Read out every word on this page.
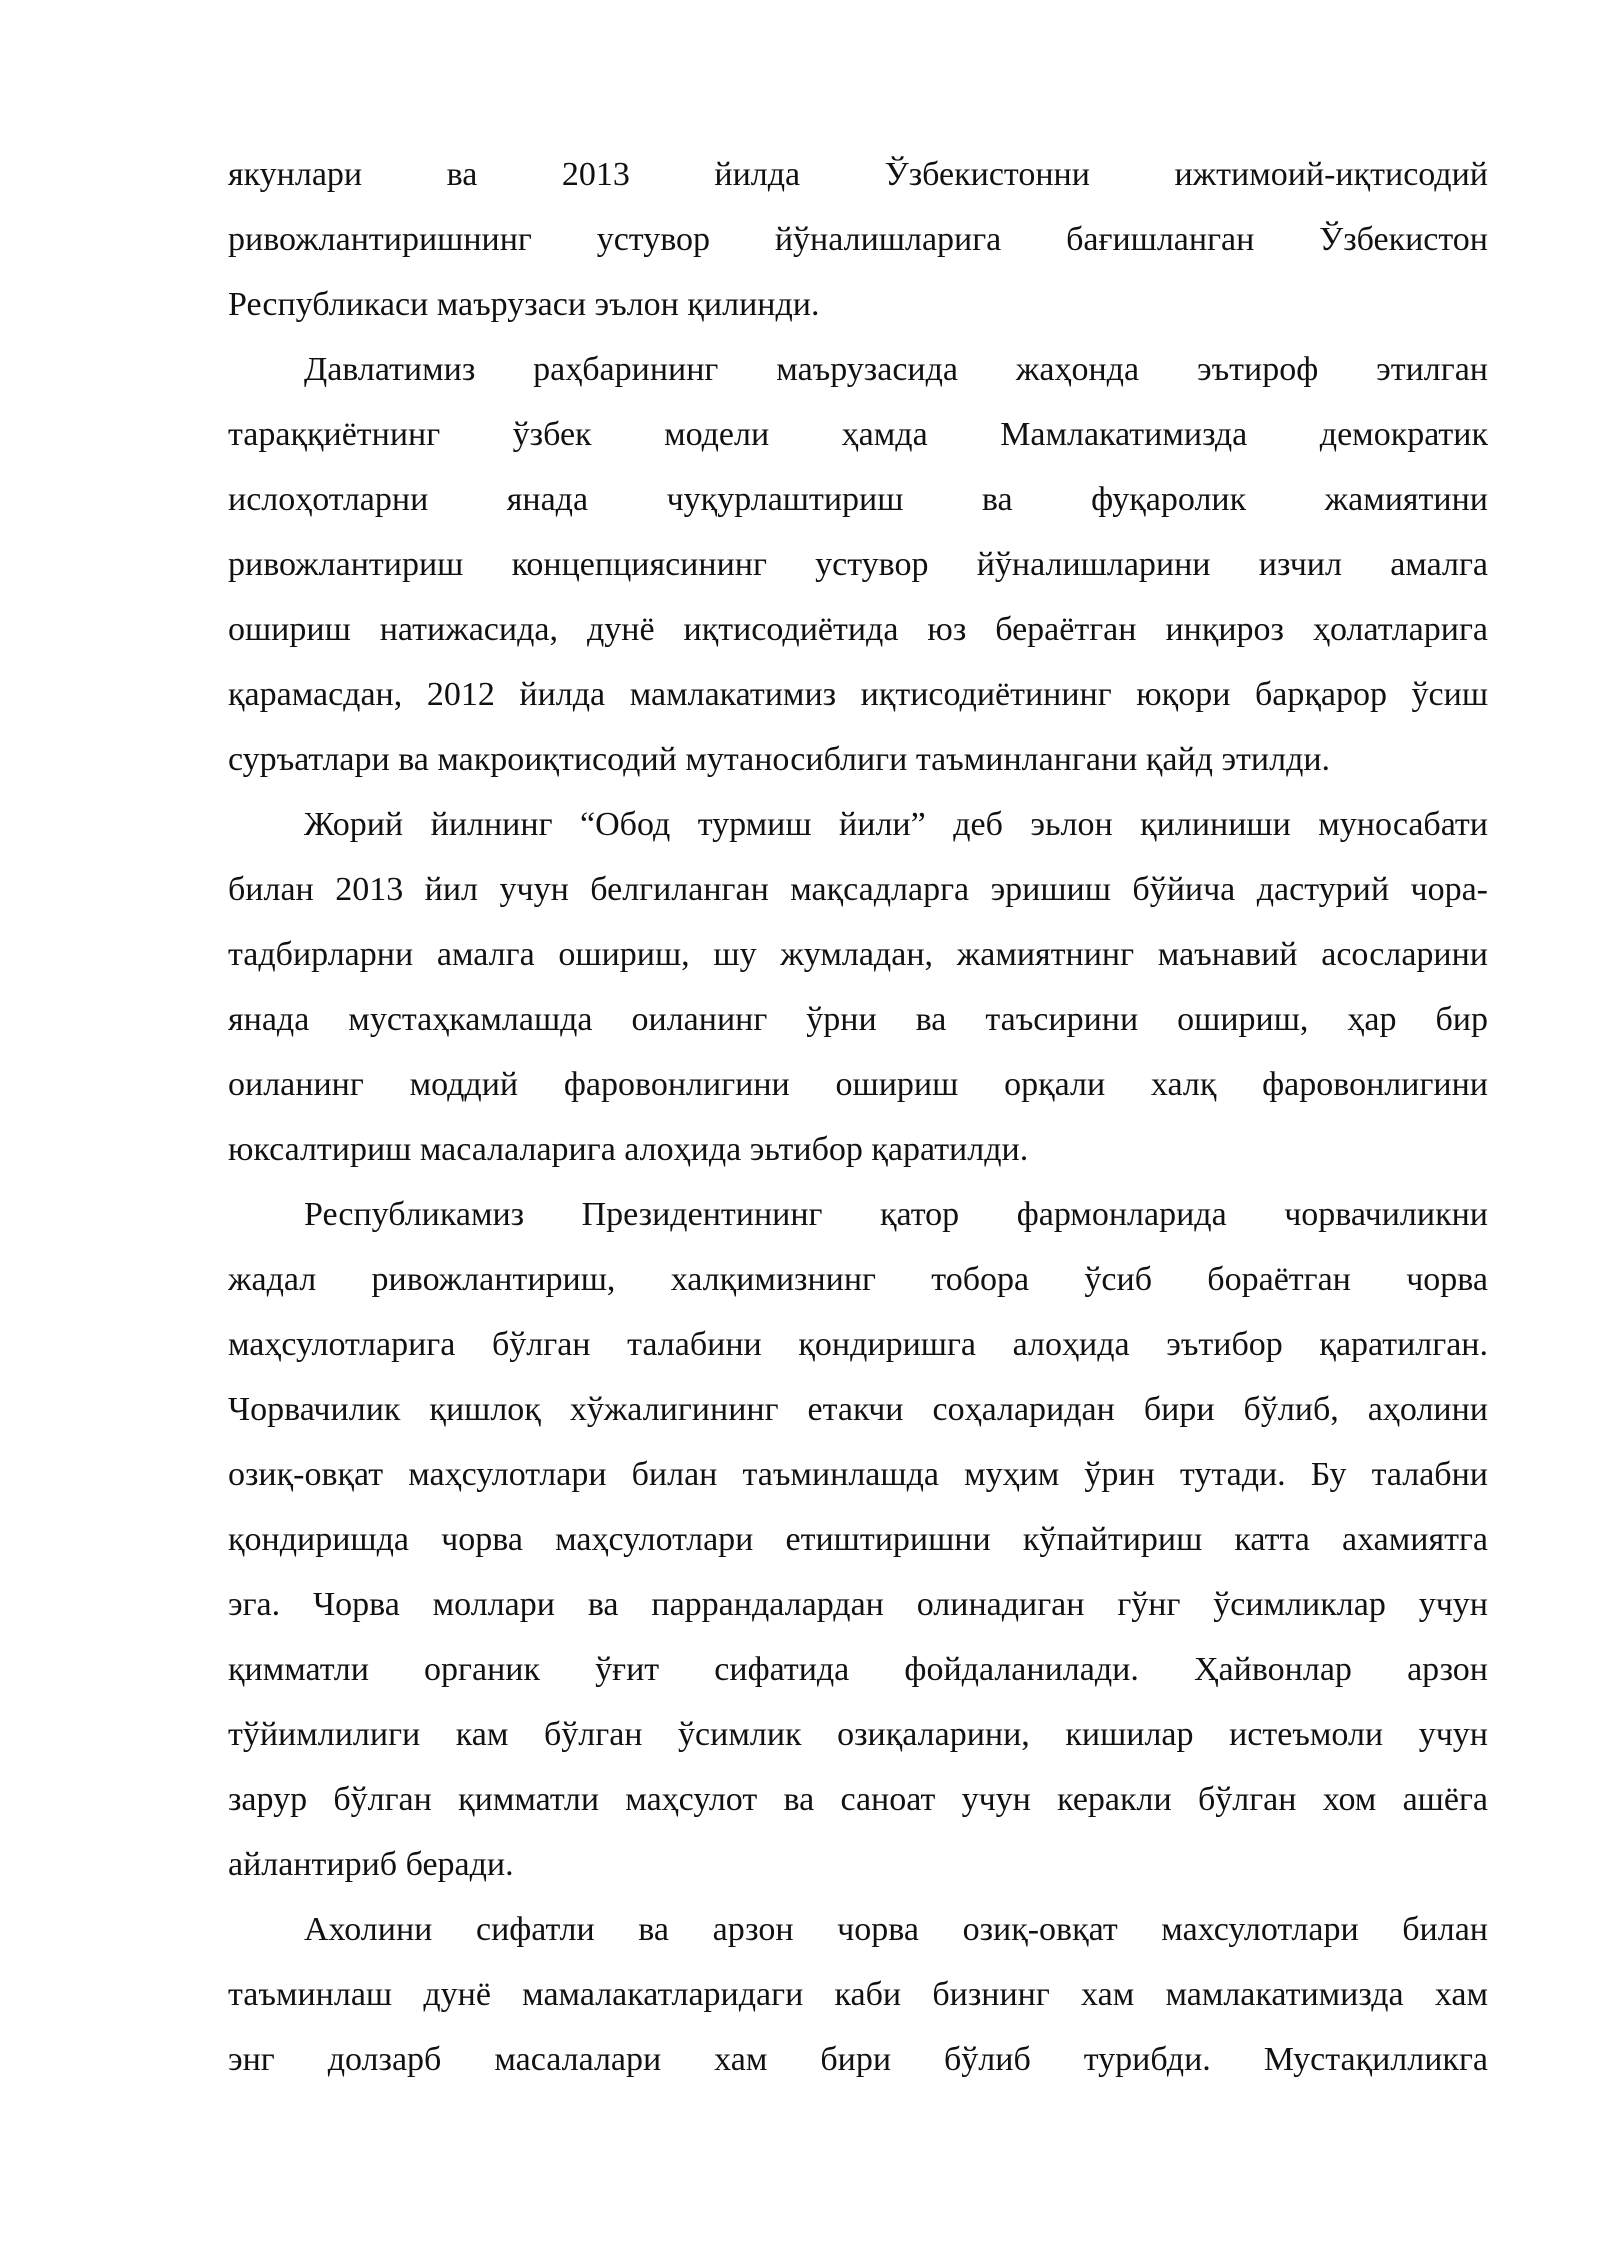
якунлари ва 2013 йилда Ўзбекистонни ижтимоий-иқтисодий
ривожлантиришнинг устувор йўналишларига бағишланган Ўзбекистон
Республикаси маърузаси эълон қилинди.

Давлатимиз раҳбарининг маърузасида жаҳонда эътироф этилган
тараққиётнинг ўзбек модели ҳамда Мамлакатимизда демократик
ислоҳотларни янада чуқурлаштириш ва фуқаролик жамиятини
ривожлантириш концепциясининг устувор йўналишларини изчил амалга
ошириш натижасида, дунё иқтисодиётида юз бераётган инқироз ҳолатларига
қарамасдан, 2012 йилда мамлакатимиз иқтисодиётининг юқори барқарор ўсиш
суръатлари ва макроиқтисодий мутаносиблиги таъминлангани қайд этилди.

Жорий йилнинг “Обод турмиш йили” деб эьлон қилиниши муносабати
билан 2013 йил учун белгиланган мақсадларга эришиш бўйича дастурий чора-
тадбирларни амалга ошириш, шу жумладан, жамиятнинг маънавий асосларини
янада мустаҳкамлашда оиланинг ўрни ва таъсирини ошириш, ҳар бир
оиланинг моддий фаровонлигини ошириш орқали халқ фаровонлигини
юксалтириш масалаларига алоҳида эьтибор қаратилди.

Республикамиз Президентининг қатор фармонларида чорвачиликни
жадал ривожлантириш, халқимизнинг тобора ўсиб бораётган чорва
маҳсулотларига бўлган талабини қондиришга алоҳида эътибор қаратилган.
Чорвачилик қишлоқ хўжалигининг етакчи соҳаларидан бири бўлиб, аҳолини
озиқ-овқат маҳсулотлари билан таъминлашда муҳим ўрин тутади. Бу талабни
қондиришда чорва маҳсулотлари етиштиришни кўпайтириш катта ахамиятга
эга. Чорва моллари ва паррандалардан олинадиган гўнг ўсимликлар учун
қимматли органик ўғит сифатида фойдаланилади. Ҳайвонлар арзон
тўйимлилиги кам бўлган ўсимлик озиқаларини, кишилар истеъмоли учун
зарур бўлган қимматли маҳсулот ва саноат учун керакли бўлган хом ашёга
айлантириб беради.

Ахолини сифатли ва арзон чорва озиқ-овқат махсулотлари билан
таъминлаш дунё мамалакатларидаги каби бизнинг хам мамлакатимизда хам
энг долзарб масалалари хам бири бўлиб турибди. Мустақилликга
